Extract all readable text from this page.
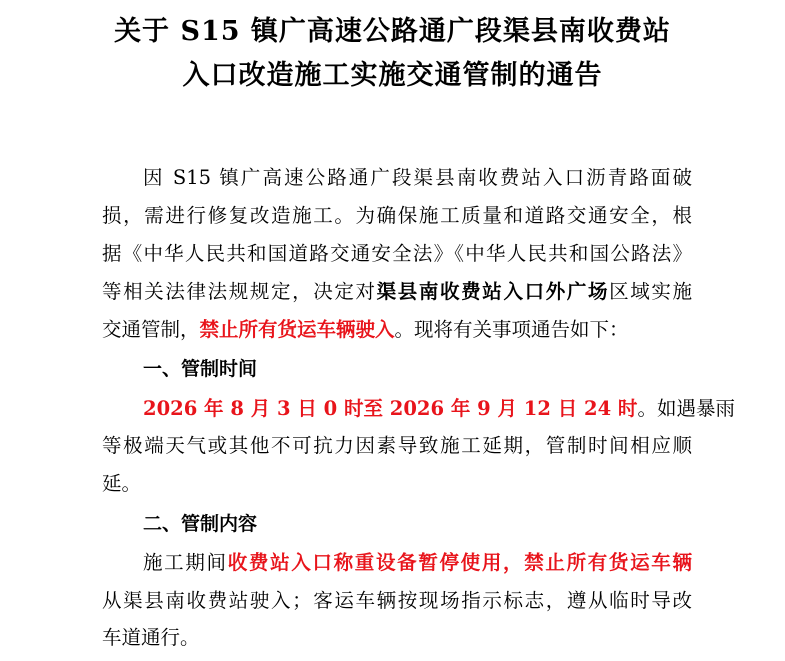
关于 S15 镇广高速公路通广段渠县南收费站
入口改造施工实施交通管制的通告
因 S15 镇广高速公路通广段渠县南收费站入口沥青路面破
损，需进行修复改造施工。为确保施工质量和道路交通安全，根
据《中华人民共和国道路交通安全法》《中华人民共和国公路法》
等相关法律法规规定，决定对渠县南收费站入口外广场区域实施
交通管制，禁止所有货运车辆驶入。现将有关事项通告如下：
一、管制时间
2026 年 8 月 3 日 0 时至 2026 年 9 月 12 日 24 时。如遇暴雨
等极端天气或其他不可抗力因素导致施工延期，管制时间相应顺
延。
二、管制内容
施工期间收费站入口称重设备暂停使用，禁止所有货运车辆
从渠县南收费站驶入；客运车辆按现场指示标志，遵从临时导改
车道通行。
